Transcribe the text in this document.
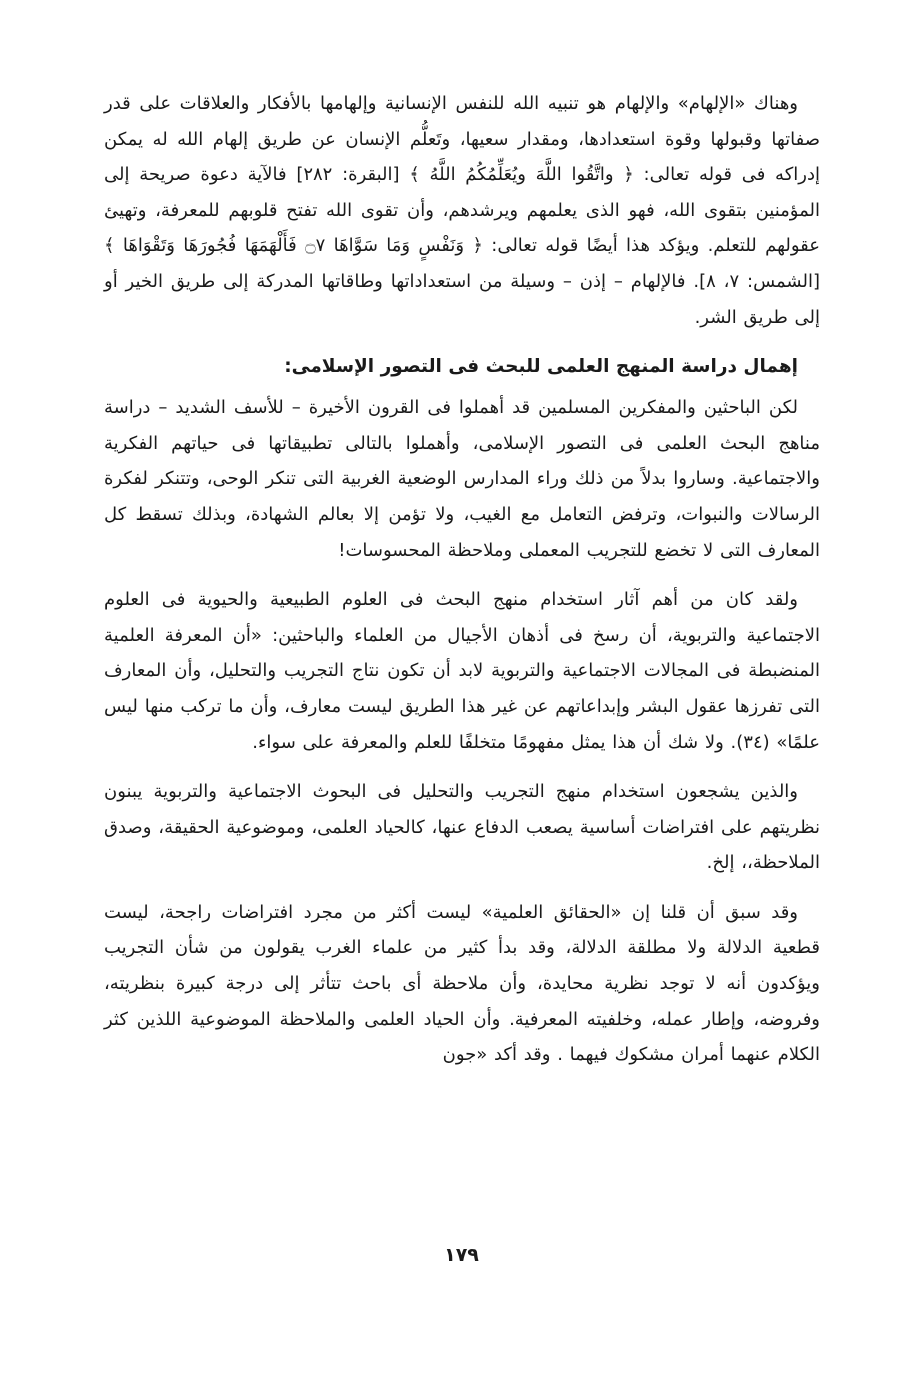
وهناك «الإلهام» والإلهام هو تنبيه الله للنفس الإنسانية وإلهامها بالأفكار والعلاقات على قدر صفاتها وقبولها وقوة استعدادها، ومقدار سعيها، وتَعلُّم الإنسان عن طريق إلهام الله له يمكن إدراكه فى قوله تعالى: ﴿ واتَّقُوا اللَّهَ ويُعَلِّمُكُمُ اللَّهُ ﴾ [البقرة: ٢٨٢] فالآية دعوة صريحة إلى المؤمنين بتقوى الله، فهو الذى يعلمهم ويرشدهم، وأن تقوى الله تفتح قلوبهم للمعرفة، وتهيئ عقولهم للتعلم. ويؤكد هذا أيضًا قوله تعالى: ﴿ وَنَفْسٍ وَمَا سَوَّاهَا ۝٧ فَأَلْهَمَهَا فُجُورَهَا وَتَقْوَاهَا ﴾ [الشمس: ٧، ٨]. فالإلهام – إذن – وسيلة من استعداداتها وطاقاتها المدركة إلى طريق الخير أو إلى طريق الشر.

إهمال دراسة المنهج العلمى للبحث فى التصور الإسلامى:

لكن الباحثين والمفكرين المسلمين قد أهملوا فى القرون الأخيرة – للأسف الشديد – دراسة مناهج البحث العلمى فى التصور الإسلامى، وأهملوا بالتالى تطبيقاتها فى حياتهم الفكرية والاجتماعية. وساروا بدلاً من ذلك وراء المدارس الوضعية الغربية التى تنكر الوحى، وتتنكر لفكرة الرسالات والنبوات، وترفض التعامل مع الغيب، ولا تؤمن إلا بعالم الشهادة، وبذلك تسقط كل المعارف التى لا تخضع للتجريب المعملى وملاحظة المحسوسات!

ولقد كان من أهم آثار استخدام منهج البحث فى العلوم الطبيعية والحيوية فى العلوم الاجتماعية والتربوية، أن رسخ فى أذهان الأجيال من العلماء والباحثين: «أن المعرفة العلمية المنضبطة فى المجالات الاجتماعية والتربوية لابد أن تكون نتاج التجريب والتحليل، وأن المعارف التى تفرزها عقول البشر وإبداعاتهم عن غير هذا الطريق ليست معارف، وأن ما تركب منها ليس علمًا» (٣٤). ولا شك أن هذا يمثل مفهومًا متخلفًا للعلم والمعرفة على سواء.

والذين يشجعون استخدام منهج التجريب والتحليل فى البحوث الاجتماعية والتربوية يبنون نظريتهم على افتراضات أساسية يصعب الدفاع عنها، كالحياد العلمى، وموضوعية الحقيقة، وصدق الملاحظة،، إلخ.

وقد سبق أن قلنا إن «الحقائق العلمية» ليست أكثر من مجرد افتراضات راجحة، ليست قطعية الدلالة ولا مطلقة الدلالة، وقد بدأ كثير من علماء الغرب يقولون من شأن التجريب ويؤكدون أنه لا توجد نظرية محايدة، وأن ملاحظة أى باحث تتأثر إلى درجة كبيرة بنظريته، وفروضه، وإطار عمله، وخلفيته المعرفية. وأن الحياد العلمى والملاحظة الموضوعية اللذين كثر الكلام عنهما أمران مشكوك فيهما . وقد أكد «جون

١٧٩
